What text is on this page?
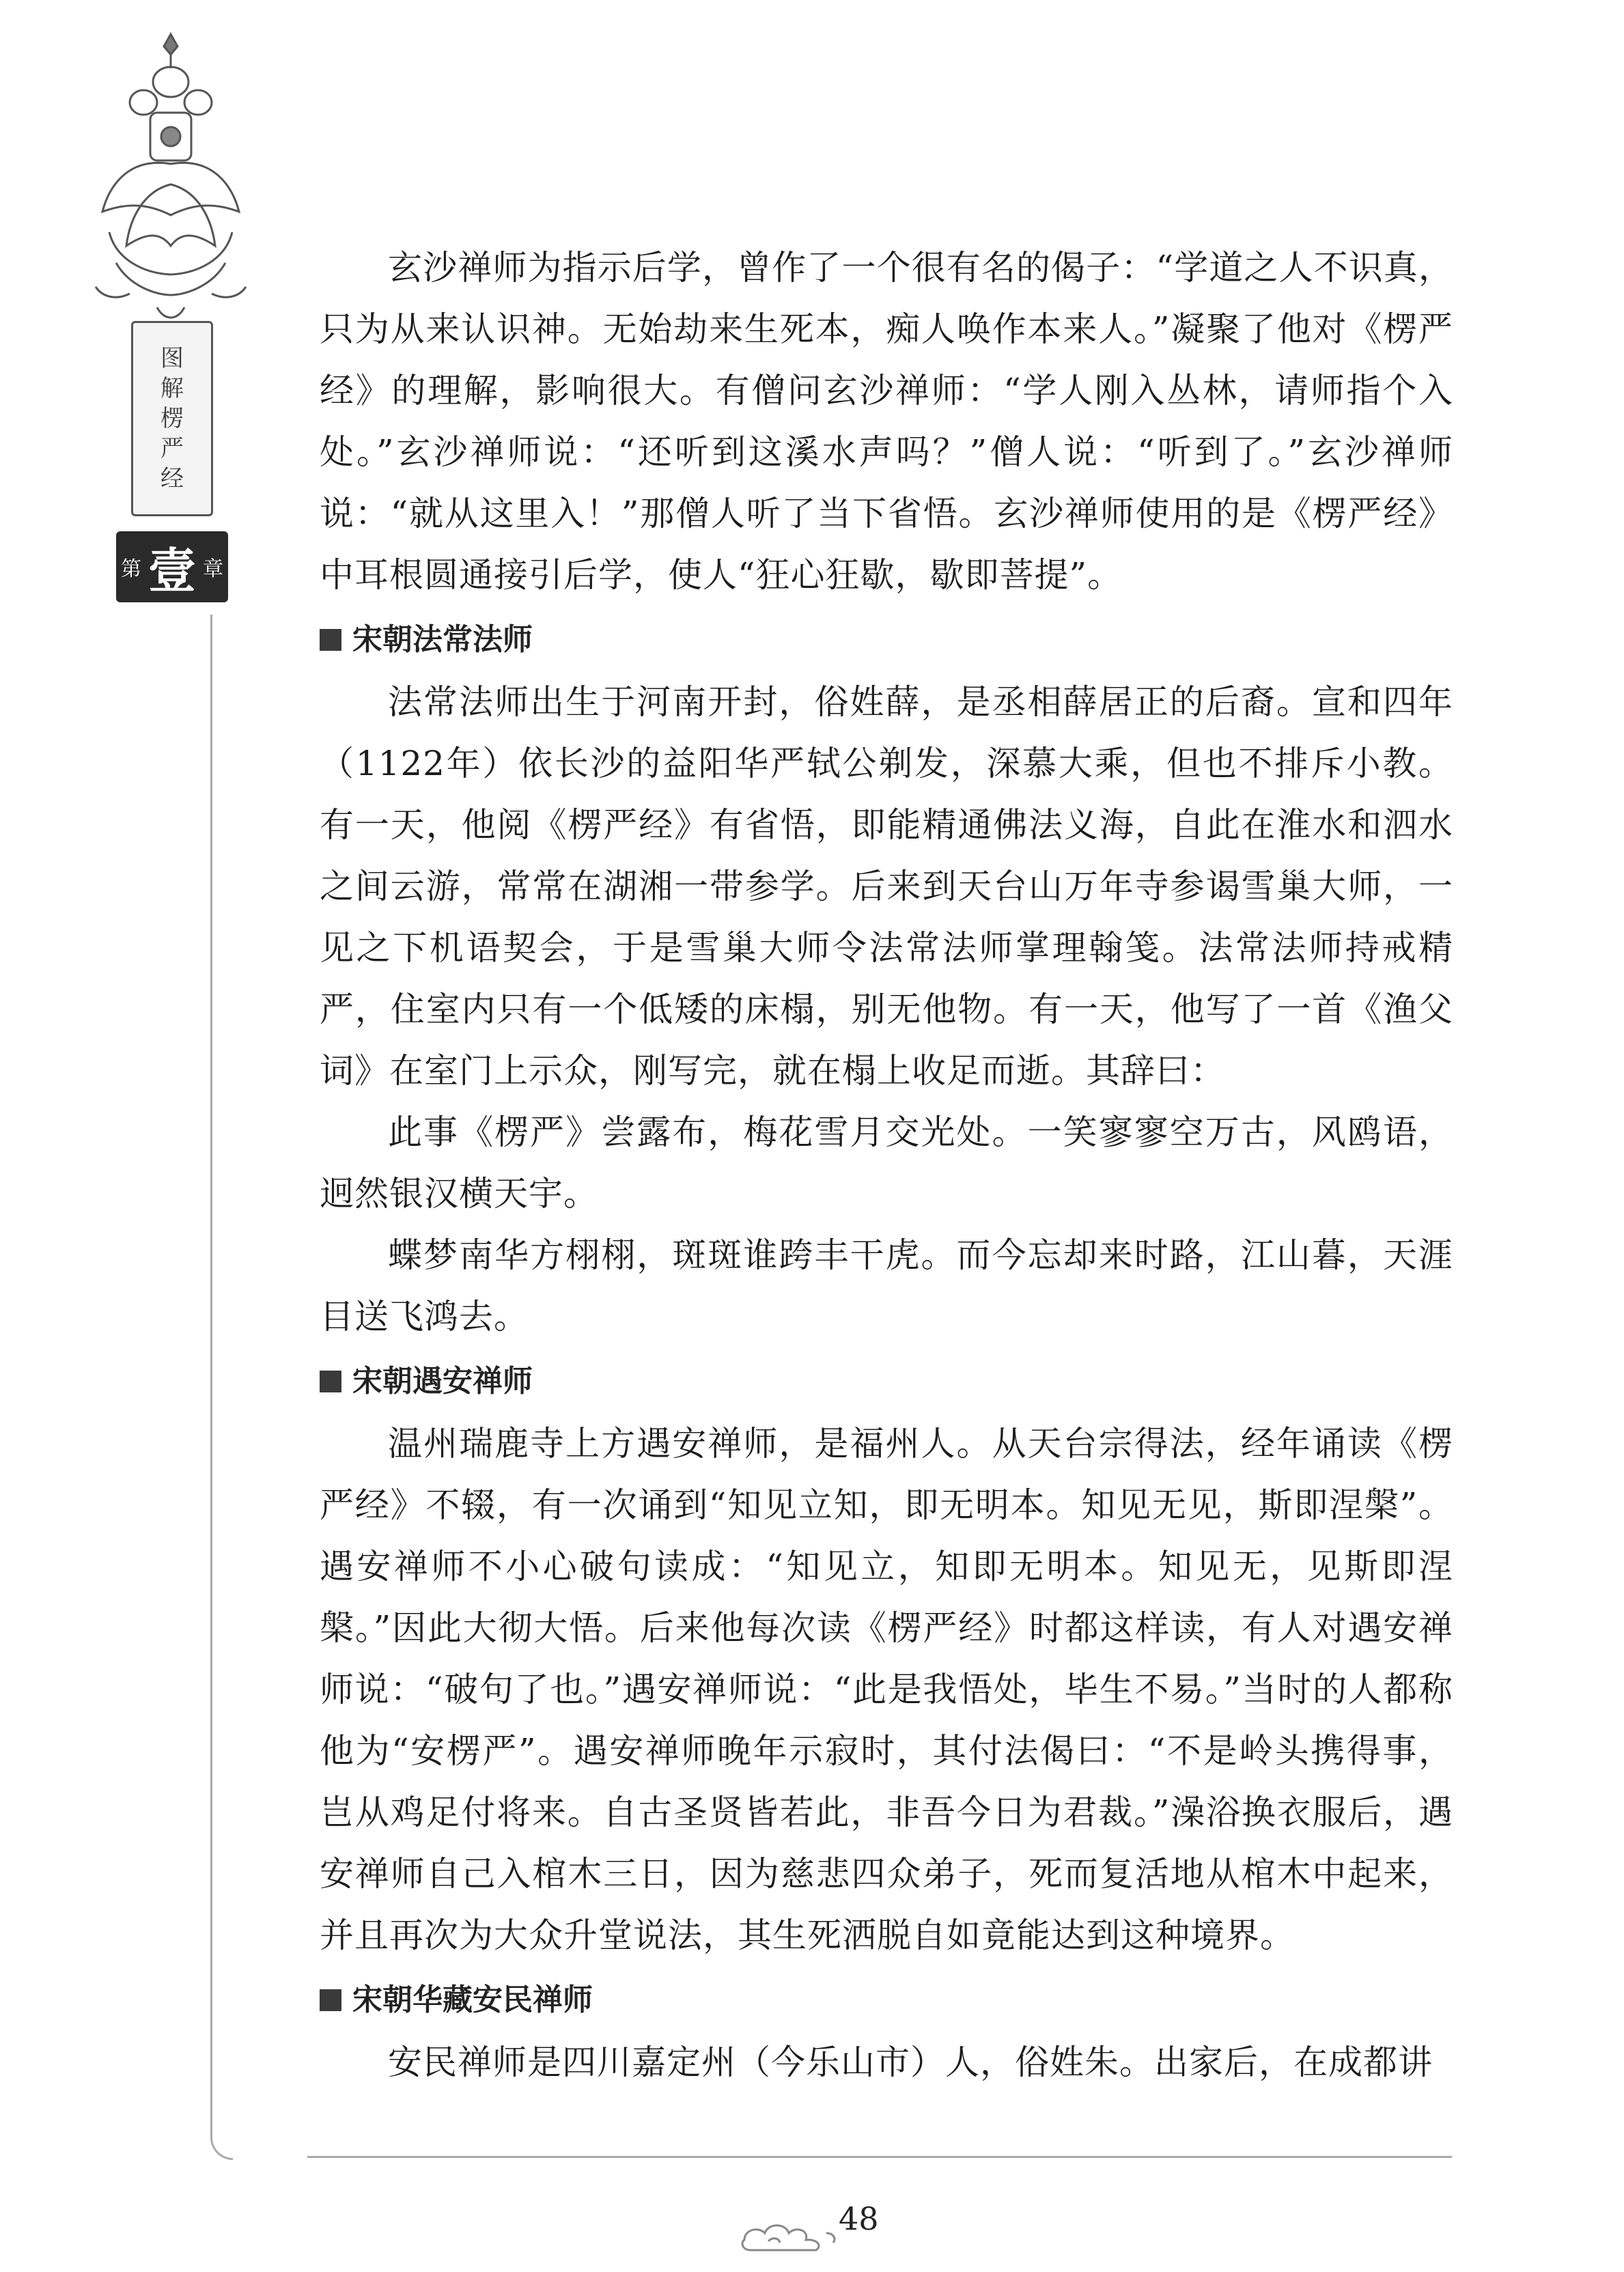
图
解
楞
严
经
第 壹 章

玄沙禅师为指示后学，曾作了一个很有名的偈子：“学道之人不识真，只为从来认识神。无始劫来生死本，痴人唤作本来人。”凝聚了他对《楞严经》的理解，影响很大。有僧问玄沙禅师：“学人刚入丛林，请师指个入处。”玄沙禅师说：“还听到这溪水声吗？”僧人说：“听到了。”玄沙禅师说：“就从这里入！”那僧人听了当下省悟。玄沙禅师使用的是《楞严经》中耳根圆通接引后学，使人“狂心狂歇，歇即菩提”。

宋朝法常法师

法常法师出生于河南开封，俗姓薛，是丞相薛居正的后裔。宣和四年（1122年）依长沙的益阳华严轼公剃发，深慕大乘，但也不排斥小教。有一天，他阅《楞严经》有省悟，即能精通佛法义海，自此在淮水和泗水之间云游，常常在湖湘一带参学。后来到天台山万年寺参谒雪巢大师，一见之下机语契会，于是雪巢大师令法常法师掌理翰笺。法常法师持戒精严，住室内只有一个低矮的床榻，别无他物。有一天，他写了一首《渔父词》在室门上示众，刚写完，就在榻上收足而逝。其辞曰：

此事《楞严》尝露布，梅花雪月交光处。一笑寥寥空万古，风鸥语，迥然银汉横天宇。

蝶梦南华方栩栩，斑斑谁跨丰干虎。而今忘却来时路，江山暮，天涯目送飞鸿去。

宋朝遇安禅师

温州瑞鹿寺上方遇安禅师，是福州人。从天台宗得法，经年诵读《楞严经》不辍，有一次诵到“知见立知，即无明本。知见无见，斯即涅槃”。遇安禅师不小心破句读成：“知见立，知即无明本。知见无，见斯即涅槃。”因此大彻大悟。后来他每次读《楞严经》时都这样读，有人对遇安禅师说：“破句了也。”遇安禅师说：“此是我悟处，毕生不易。”当时的人都称他为“安楞严”。遇安禅师晚年示寂时，其付法偈曰：“不是岭头携得事，岂从鸡足付将来。自古圣贤皆若此，非吾今日为君裁。”澡浴换衣服后，遇安禅师自己入棺木三日，因为慈悲四众弟子，死而复活地从棺木中起来，并且再次为大众升堂说法，其生死洒脱自如竟能达到这种境界。

宋朝华藏安民禅师

安民禅师是四川嘉定州（今乐山市）人，俗姓朱。出家后，在成都讲

48
